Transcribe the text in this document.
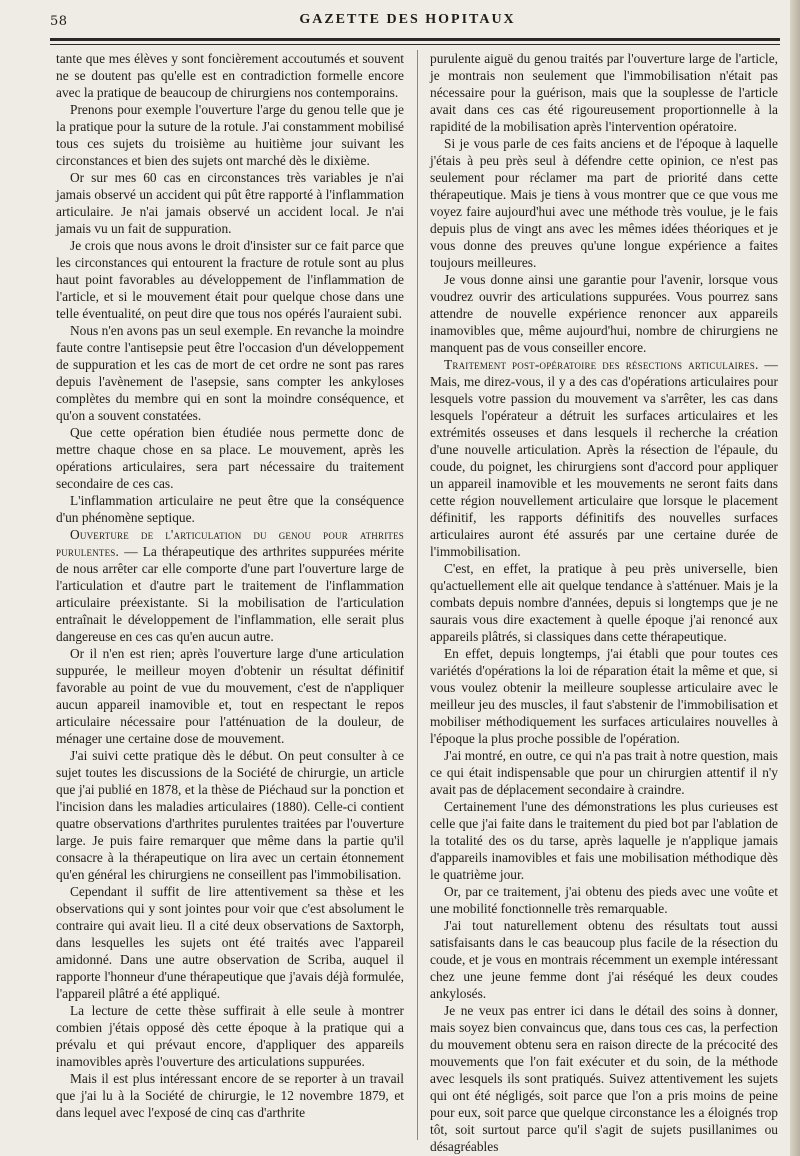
58	GAZETTE DES HOPITAUX

tante que mes élèves y sont foncièrement accoutumés et souvent ne se doutent pas qu'elle est en contradiction formelle encore avec la pratique de beaucoup de chirurgiens nos contemporains.

Prenons pour exemple l'ouverture l'arge du genou telle que je la pratique pour la suture de la rotule. J'ai constamment mobilisé tous ces sujets du troisième au huitième jour suivant les circonstances et bien des sujets ont marché dès le dixième.

Or sur mes 60 cas en circonstances très variables je n'ai jamais observé un accident qui pût être rapporté à l'inflammation articulaire. Je n'ai jamais observé un accident local. Je n'ai jamais vu un fait de suppuration.

Je crois que nous avons le droit d'insister sur ce fait parce que les circonstances qui entourent la fracture de rotule sont au plus haut point favorables au développement de l'inflammation de l'article, et si le mouvement était pour quelque chose dans une telle éventualité, on peut dire que tous nos opérés l'auraient subi.

Nous n'en avons pas un seul exemple. En revanche la moindre faute contre l'antisepsie peut être l'occasion d'un développement de suppuration et les cas de mort de cet ordre ne sont pas rares depuis l'avènement de l'asepsie, sans compter les ankyloses complètes du membre qui en sont la moindre conséquence, et qu'on a souvent constatées.

Que cette opération bien étudiée nous permette donc de mettre chaque chose en sa place. Le mouvement, après les opérations articulaires, sera part nécessaire du traitement secondaire de ces cas.

L'inflammation articulaire ne peut être que la conséquence d'un phénomène septique.

Ouverture de l'articulation du genou pour athrites purulentes. — La thérapeutique des arthrites suppurées mérite de nous arrêter car elle comporte d'une part l'ouverture large de l'articulation et d'autre part le traitement de l'inflammation articulaire préexistante. Si la mobilisation de l'articulation entraînait le développement de l'inflammation, elle serait plus dangereuse en ces cas qu'en aucun autre.

Or il n'en est rien; après l'ouverture large d'une articulation suppurée, le meilleur moyen d'obtenir un résultat définitif favorable au point de vue du mouvement, c'est de n'appliquer aucun appareil inamovible et, tout en respectant le repos articulaire nécessaire pour l'atténuation de la douleur, de ménager une certaine dose de mouvement.

J'ai suivi cette pratique dès le début. On peut consulter à ce sujet toutes les discussions de la Société de chirurgie, un article que j'ai publié en 1878, et la thèse de Piéchaud sur la ponction et l'incision dans les maladies articulaires (1880). Celle-ci contient quatre observations d'arthrites purulentes traitées par l'ouverture large. Je puis faire remarquer que même dans la partie qu'il consacre à la thérapeutique on lira avec un certain étonnement qu'en général les chirurgiens ne conseillent pas l'immobilisation.

Cependant il suffit de lire attentivement sa thèse et les observations qui y sont jointes pour voir que c'est absolument le contraire qui avait lieu. Il a cité deux observations de Saxtorph, dans lesquelles les sujets ont été traités avec l'appareil amidonné. Dans une autre observation de Scriba, auquel il rapporte l'honneur d'une thérapeutique que j'avais déjà formulée, l'appareil plâtré a été appliqué.

La lecture de cette thèse suffirait à elle seule à montrer combien j'étais opposé dès cette époque à la pratique qui a prévalu et qui prévaut encore, d'appliquer des appareils inamovibles après l'ouverture des articulations suppurées.

Mais il est plus intéressant encore de se reporter à un travail que j'ai lu à la Société de chirurgie, le 12 novembre 1879, et dans lequel avec l'exposé de cinq cas d'arthrite

purulente aiguë du genou traités par l'ouverture large de l'article, je montrais non seulement que l'immobilisation n'était pas nécessaire pour la guérison, mais que la souplesse de l'article avait dans ces cas été rigoureusement proportionnelle à la rapidité de la mobilisation après l'intervention opératoire.

Si je vous parle de ces faits anciens et de l'époque à laquelle j'étais à peu près seul à défendre cette opinion, ce n'est pas seulement pour réclamer ma part de priorité dans cette thérapeutique. Mais je tiens à vous montrer que ce que vous me voyez faire aujourd'hui avec une méthode très voulue, je le fais depuis plus de vingt ans avec les mêmes idées théoriques et je vous donne des preuves qu'une longue expérience a faites toujours meilleures.

Je vous donne ainsi une garantie pour l'avenir, lorsque vous voudrez ouvrir des articulations suppurées. Vous pourrez sans attendre de nouvelle expérience renoncer aux appareils inamovibles que, même aujourd'hui, nombre de chirurgiens ne manquent pas de vous conseiller encore.

Traitement post-opératoire des résections articulaires. — Mais, me direz-vous, il y a des cas d'opérations articulaires pour lesquels votre passion du mouvement va s'arrêter, les cas dans lesquels l'opérateur a détruit les surfaces articulaires et les extrémités osseuses et dans lesquels il recherche la création d'une nouvelle articulation. Après la résection de l'épaule, du coude, du poignet, les chirurgiens sont d'accord pour appliquer un appareil inamovible et les mouvements ne seront faits dans cette région nouvellement articulaire que lorsque le placement définitif, les rapports définitifs des nouvelles surfaces articulaires auront été assurés par une certaine durée de l'immobilisation.

C'est, en effet, la pratique à peu près universelle, bien qu'actuellement elle ait quelque tendance à s'atténuer. Mais je la combats depuis nombre d'années, depuis si longtemps que je ne saurais vous dire exactement à quelle époque j'ai renoncé aux appareils plâtrés, si classiques dans cette thérapeutique.

En effet, depuis longtemps, j'ai établi que pour toutes ces variétés d'opérations la loi de réparation était la même et que, si vous voulez obtenir la meilleure souplesse articulaire avec le meilleur jeu des muscles, il faut s'abstenir de l'immobilisation et mobiliser méthodiquement les surfaces articulaires nouvelles à l'époque la plus proche possible de l'opération.

J'ai montré, en outre, ce qui n'a pas trait à notre question, mais ce qui était indispensable que pour un chirurgien attentif il n'y avait pas de déplacement secondaire à craindre.

Certainement l'une des démonstrations les plus curieuses est celle que j'ai faite dans le traitement du pied bot par l'ablation de la totalité des os du tarse, après laquelle je n'applique jamais d'appareils inamovibles et fais une mobilisation méthodique dès le quatrième jour.

Or, par ce traitement, j'ai obtenu des pieds avec une voûte et une mobilité fonctionnelle très remarquable.

J'ai tout naturellement obtenu des résultats tout aussi satisfaisants dans le cas beaucoup plus facile de la résection du coude, et je vous en montrais récemment un exemple intéressant chez une jeune femme dont j'ai réséqué les deux coudes ankylosés.

Je ne veux pas entrer ici dans le détail des soins à donner, mais soyez bien convaincus que, dans tous ces cas, la perfection du mouvement obtenu sera en raison directe de la précocité des mouvements que l'on fait exécuter et du soin, de la méthode avec lesquels ils sont pratiqués. Suivez attentivement les sujets qui ont été négligés, soit parce que l'on a pris moins de peine pour eux, soit parce que quelque circonstance les a éloignés trop tôt, soit surtout parce qu'il s'agit de sujets pusillanimes ou désagréables
